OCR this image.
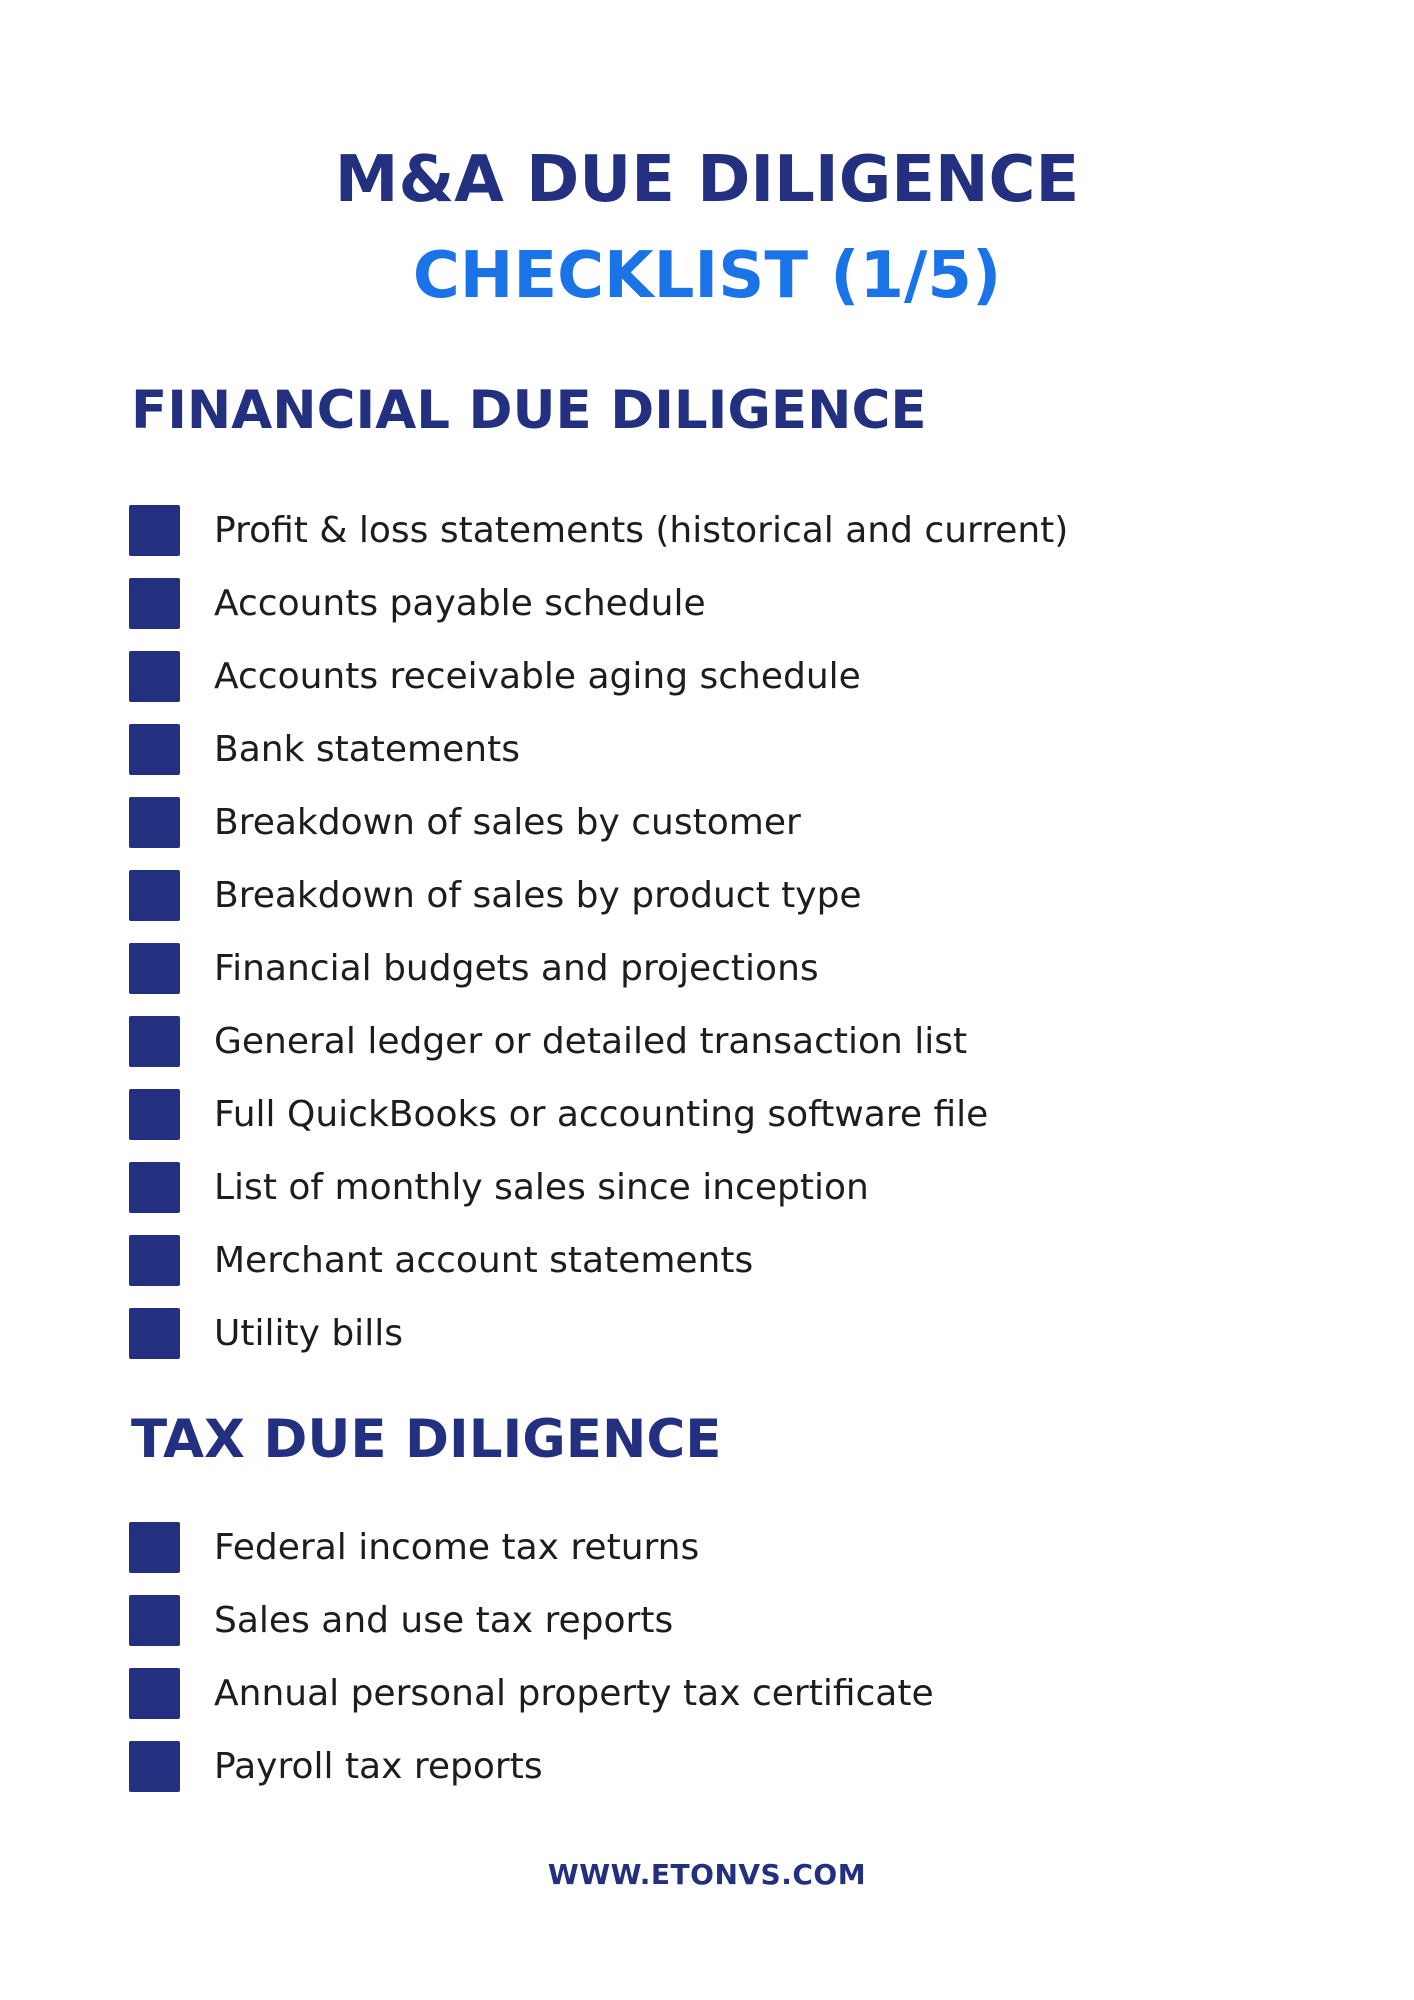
M&A DUE DILIGENCE
CHECKLIST (1/5)
FINANCIAL DUE DILIGENCE
Profit & loss statements (historical and current)
Accounts payable schedule
Accounts receivable aging schedule
Bank statements
Breakdown of sales by customer
Breakdown of sales by product type
Financial budgets and projections
General ledger or detailed transaction list
Full QuickBooks or accounting software file
List of monthly sales since inception
Merchant account statements
Utility bills
TAX DUE DILIGENCE
Federal income tax returns
Sales and use tax reports
Annual personal property tax certificate
Payroll tax reports
WWW.ETONVS.COM
